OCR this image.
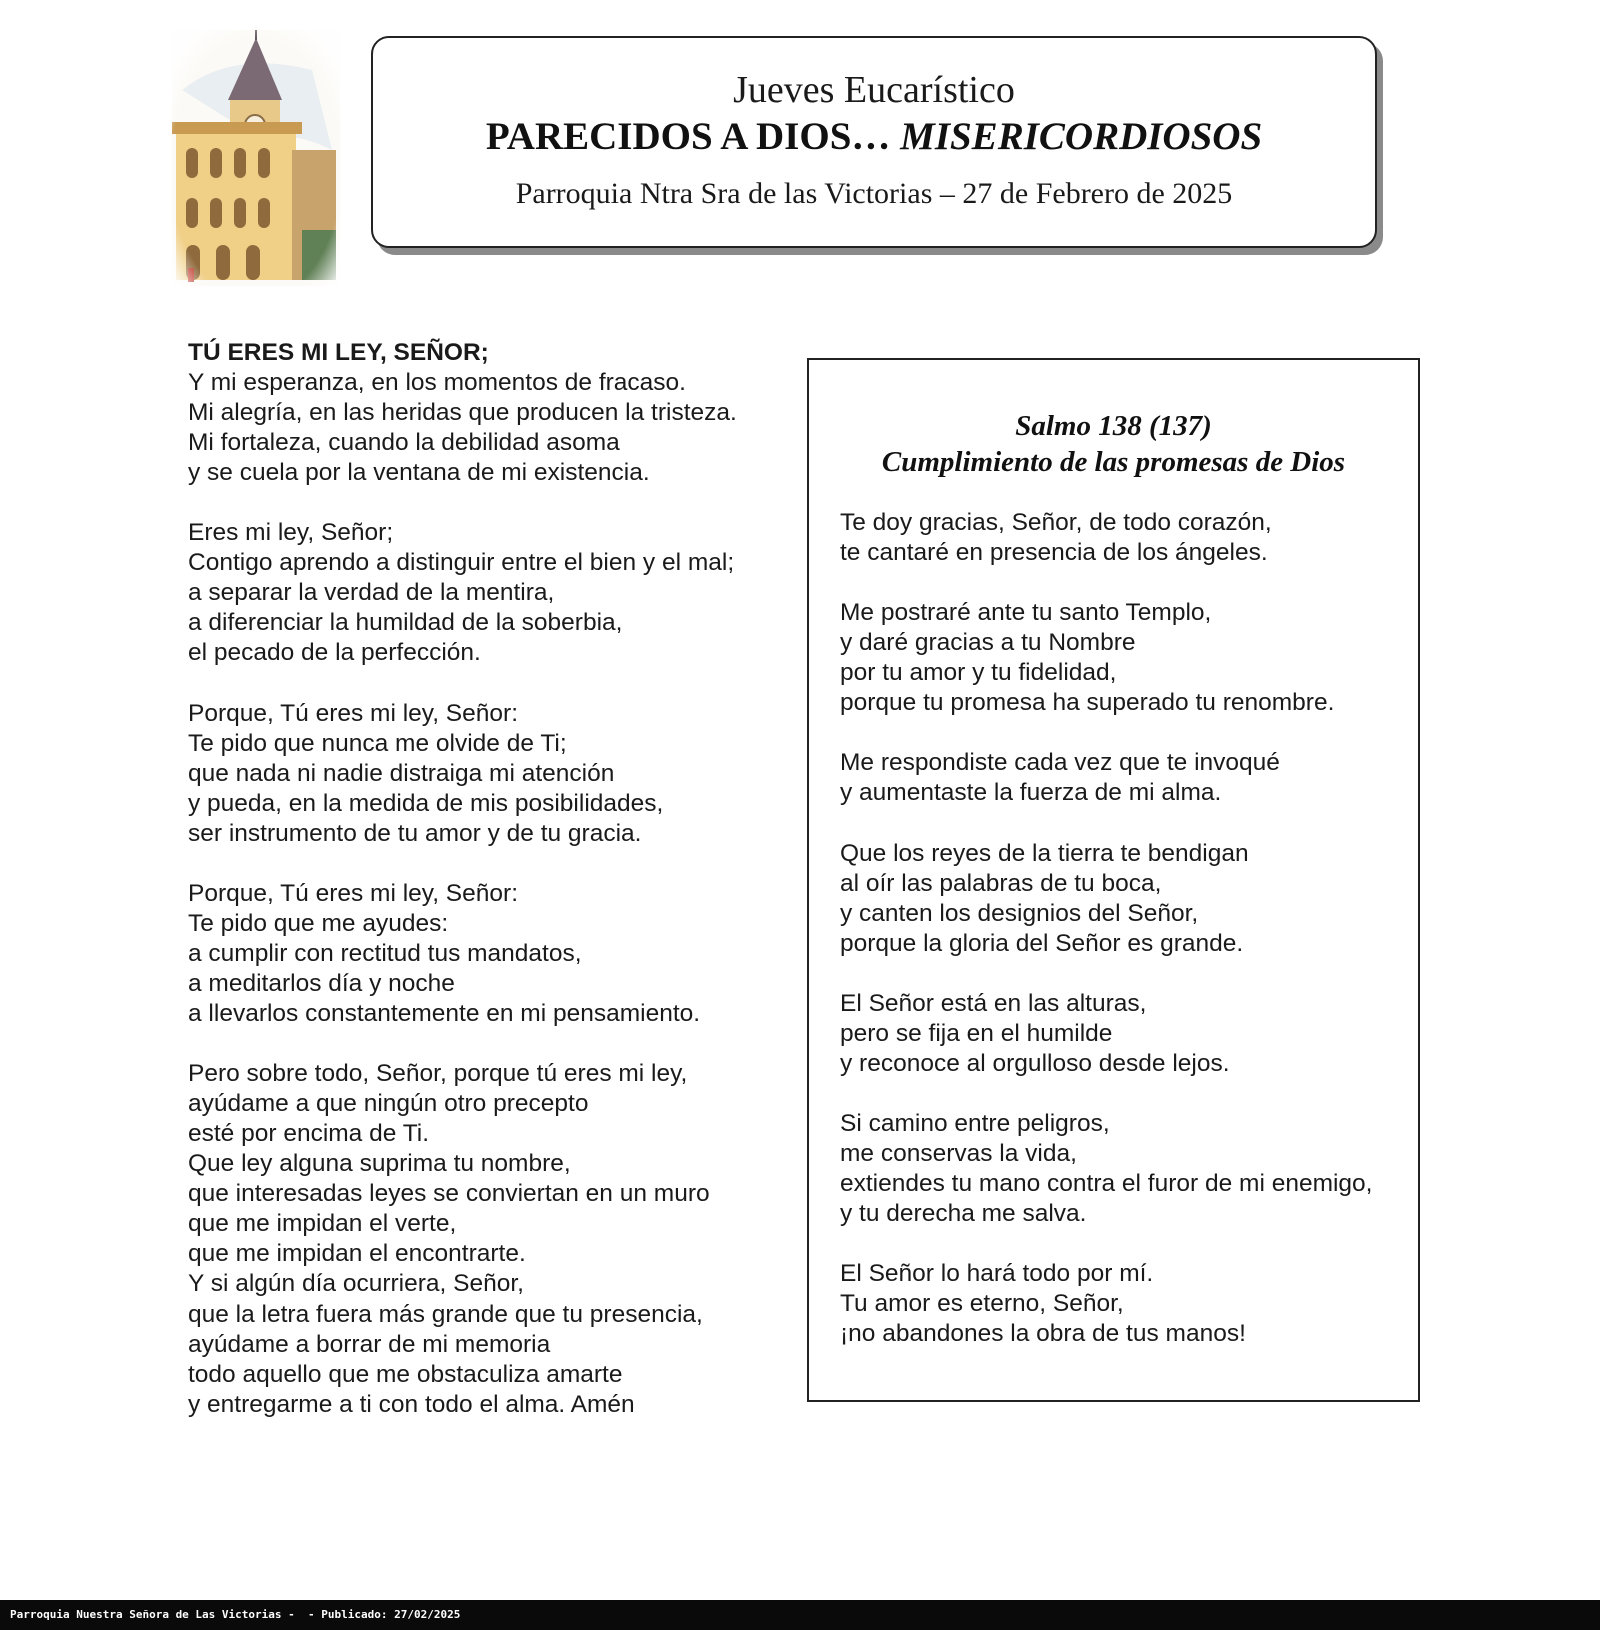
Jueves Eucarístico
PARECIDOS A DIOS… MISERICORDIOSOS
Parroquia Ntra Sra de las Victorias – 27 de Febrero de 2025
TÚ ERES MI LEY, SEÑOR;
Y mi esperanza, en los momentos de fracaso.
Mi alegría, en las heridas que producen la tristeza.
Mi fortaleza, cuando la debilidad asoma
y se cuela por la ventana de mi existencia.
Eres mi ley, Señor;
Contigo aprendo a distinguir entre el bien y el mal;
a separar la verdad de la mentira,
a diferenciar la humildad de la soberbia,
el pecado de la perfección.
Porque, Tú eres mi ley, Señor:
Te pido que nunca me olvide de Ti;
que nada ni nadie distraiga mi atención
y pueda, en la medida de mis posibilidades,
ser instrumento de tu amor y de tu gracia.
Porque, Tú eres mi ley, Señor:
Te pido que me ayudes:
a cumplir con rectitud tus mandatos,
a meditarlos día y noche
a llevarlos constantemente en mi pensamiento.
Pero sobre todo, Señor, porque tú eres mi ley,
ayúdame a que ningún otro precepto
esté por encima de Ti.
Que ley alguna suprima tu nombre,
que interesadas leyes se conviertan en un muro
que me impidan el verte,
que me impidan el encontrarte.
Y si algún día ocurriera, Señor,
que la letra fuera más grande que tu presencia,
ayúdame a borrar de mi memoria
todo aquello que me obstaculiza amarte
y entregarme a ti con todo el alma. Amén
Salmo 138 (137)
Cumplimiento de las promesas de Dios
Te doy gracias, Señor, de todo corazón,
te cantaré en presencia de los ángeles.
Me postraré ante tu santo Templo,
y daré gracias a tu Nombre
por tu amor y tu fidelidad,
porque tu promesa ha superado tu renombre.
Me respondiste cada vez que te invoqué
y aumentaste la fuerza de mi alma.
Que los reyes de la tierra te bendigan
al oír las palabras de tu boca,
y canten los designios del Señor,
porque la gloria del Señor es grande.
El Señor está en las alturas,
pero se fija en el humilde
y reconoce al orgulloso desde lejos.
Si camino entre peligros,
me conservas la vida,
extiendes tu mano contra el furor de mi enemigo,
y tu derecha me salva.
El Señor lo hará todo por mí.
Tu amor es eterno, Señor,
¡no abandones la obra de tus manos!
Parroquia Nuestra Señora de Las Victorias -  - Publicado: 27/02/2025
